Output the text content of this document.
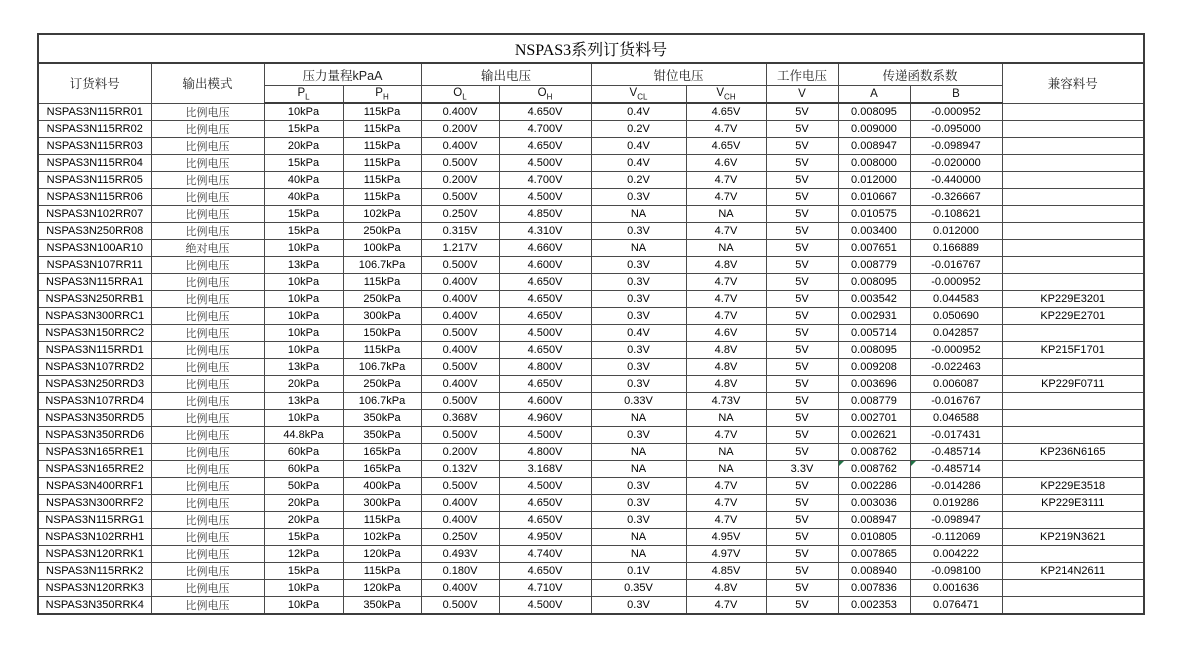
NSPAS3系列订货料号											
订货料号	输出模式	压力量程kPaA		输出电压		钳位电压		工作电压	传递函数系数		兼容料号
		$P_L$	$P_H$	$O_L$	$O_H$	$V_{CL}$	$V_{CH}$	V	A	B	
NSPAS3N115RR01	比例电压	10kPa	115kPa	0.400V	4.650V	0.4V	4.65V	5V	0.008095	-0.000952	
NSPAS3N115RR02	比例电压	15kPa	115kPa	0.200V	4.700V	0.2V	4.7V	5V	0.009000	-0.095000	
NSPAS3N115RR03	比例电压	20kPa	115kPa	0.400V	4.650V	0.4V	4.65V	5V	0.008947	-0.098947	
NSPAS3N115RR04	比例电压	15kPa	115kPa	0.500V	4.500V	0.4V	4.6V	5V	0.008000	-0.020000	
NSPAS3N115RR05	比例电压	40kPa	115kPa	0.200V	4.700V	0.2V	4.7V	5V	0.012000	-0.440000	
NSPAS3N115RR06	比例电压	40kPa	115kPa	0.500V	4.500V	0.3V	4.7V	5V	0.010667	-0.326667	
NSPAS3N102RR07	比例电压	15kPa	102kPa	0.250V	4.850V	NA	NA	5V	0.010575	-0.108621	
NSPAS3N250RR08	比例电压	15kPa	250kPa	0.315V	4.310V	0.3V	4.7V	5V	0.003400	0.012000	
NSPAS3N100AR10	绝对电压	10kPa	100kPa	1.217V	4.660V	NA	NA	5V	0.007651	0.166889	
NSPAS3N107RR11	比例电压	13kPa	106.7kPa	0.500V	4.600V	0.3V	4.8V	5V	0.008779	-0.016767	
NSPAS3N115RRA1	比例电压	10kPa	115kPa	0.400V	4.650V	0.3V	4.7V	5V	0.008095	-0.000952	
NSPAS3N250RRB1	比例电压	10kPa	250kPa	0.400V	4.650V	0.3V	4.7V	5V	0.003542	0.044583	KP229E3201
NSPAS3N300RRC1	比例电压	10kPa	300kPa	0.400V	4.650V	0.3V	4.7V	5V	0.002931	0.050690	KP229E2701
NSPAS3N150RRC2	比例电压	10kPa	150kPa	0.500V	4.500V	0.4V	4.6V	5V	0.005714	0.042857	
NSPAS3N115RRD1	比例电压	10kPa	115kPa	0.400V	4.650V	0.3V	4.8V	5V	0.008095	-0.000952	KP215F1701
NSPAS3N107RRD2	比例电压	13kPa	106.7kPa	0.500V	4.800V	0.3V	4.8V	5V	0.009208	-0.022463	
NSPAS3N250RRD3	比例电压	20kPa	250kPa	0.400V	4.650V	0.3V	4.8V	5V	0.003696	0.006087	KP229F0711
NSPAS3N107RRD4	比例电压	13kPa	106.7kPa	0.500V	4.600V	0.33V	4.73V	5V	0.008779	-0.016767	
NSPAS3N350RRD5	比例电压	10kPa	350kPa	0.368V	4.960V	NA	NA	5V	0.002701	0.046588	
NSPAS3N350RRD6	比例电压	44.8kPa	350kPa	0.500V	4.500V	0.3V	4.7V	5V	0.002621	-0.017431	
NSPAS3N165RRE1	比例电压	60kPa	165kPa	0.200V	4.800V	NA	NA	5V	0.008762	-0.485714	KP236N6165
NSPAS3N165RRE2	比例电压	60kPa	165kPa	0.132V	3.168V	NA	NA	3.3V	0.008762	-0.485714	
NSPAS3N400RRF1	比例电压	50kPa	400kPa	0.500V	4.500V	0.3V	4.7V	5V	0.002286	-0.014286	KP229E3518
NSPAS3N300RRF2	比例电压	20kPa	300kPa	0.400V	4.650V	0.3V	4.7V	5V	0.003036	0.019286	KP229E3111
NSPAS3N115RRG1	比例电压	20kPa	115kPa	0.400V	4.650V	0.3V	4.7V	5V	0.008947	-0.098947	
NSPAS3N102RRH1	比例电压	15kPa	102kPa	0.250V	4.950V	NA	4.95V	5V	0.010805	-0.112069	KP219N3621
NSPAS3N120RRK1	比例电压	12kPa	120kPa	0.493V	4.740V	NA	4.97V	5V	0.007865	0.004222	
NSPAS3N115RRK2	比例电压	15kPa	115kPa	0.180V	4.650V	0.1V	4.85V	5V	0.008940	-0.098100	KP214N2611
NSPAS3N120RRK3	比例电压	10kPa	120kPa	0.400V	4.710V	0.35V	4.8V	5V	0.007836	0.001636	
NSPAS3N350RRK4	比例电压	10kPa	350kPa	0.500V	4.500V	0.3V	4.7V	5V	0.002353	0.076471	
